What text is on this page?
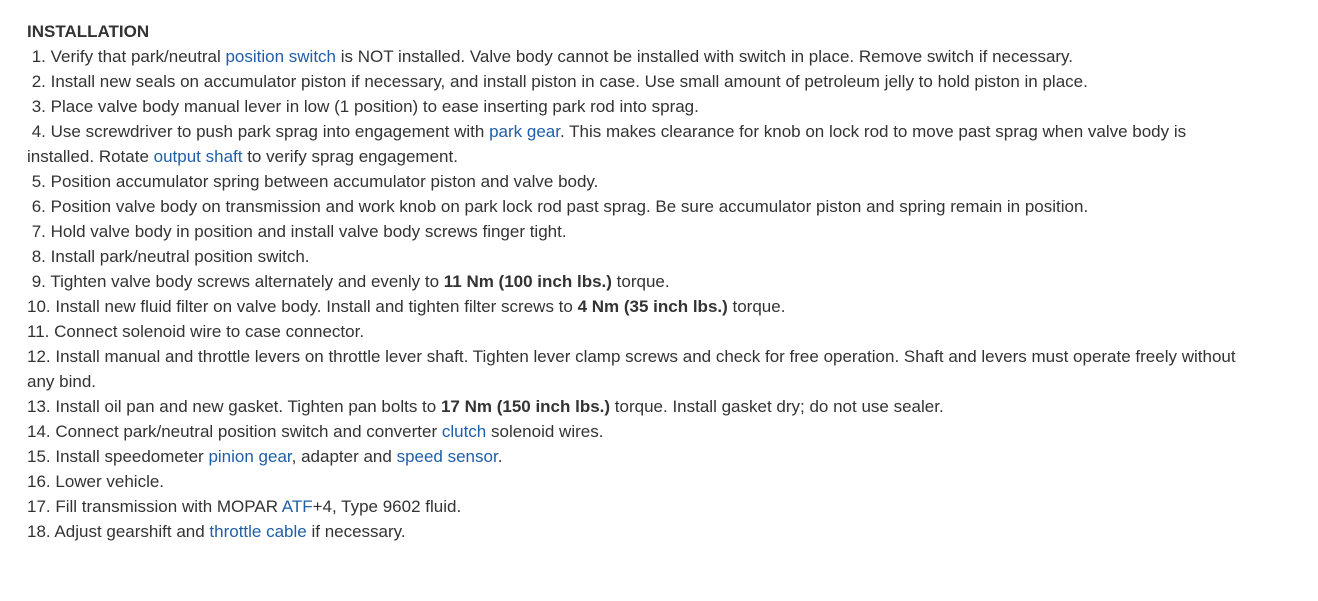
INSTALLATION
1. Verify that park/neutral position switch is NOT installed. Valve body cannot be installed with switch in place. Remove switch if necessary.
2. Install new seals on accumulator piston if necessary, and install piston in case. Use small amount of petroleum jelly to hold piston in place.
3. Place valve body manual lever in low (1 position) to ease inserting park rod into sprag.
4. Use screwdriver to push park sprag into engagement with park gear. This makes clearance for knob on lock rod to move past sprag when valve body is installed. Rotate output shaft to verify sprag engagement.
5. Position accumulator spring between accumulator piston and valve body.
6. Position valve body on transmission and work knob on park lock rod past sprag. Be sure accumulator piston and spring remain in position.
7. Hold valve body in position and install valve body screws finger tight.
8. Install park/neutral position switch.
9. Tighten valve body screws alternately and evenly to 11 Nm (100 inch lbs.) torque.
10. Install new fluid filter on valve body. Install and tighten filter screws to 4 Nm (35 inch lbs.) torque.
11. Connect solenoid wire to case connector.
12. Install manual and throttle levers on throttle lever shaft. Tighten lever clamp screws and check for free operation. Shaft and levers must operate freely without any bind.
13. Install oil pan and new gasket. Tighten pan bolts to 17 Nm (150 inch lbs.) torque. Install gasket dry; do not use sealer.
14. Connect park/neutral position switch and converter clutch solenoid wires.
15. Install speedometer pinion gear, adapter and speed sensor.
16. Lower vehicle.
17. Fill transmission with MOPAR ATF+4, Type 9602 fluid.
18. Adjust gearshift and throttle cable if necessary.
